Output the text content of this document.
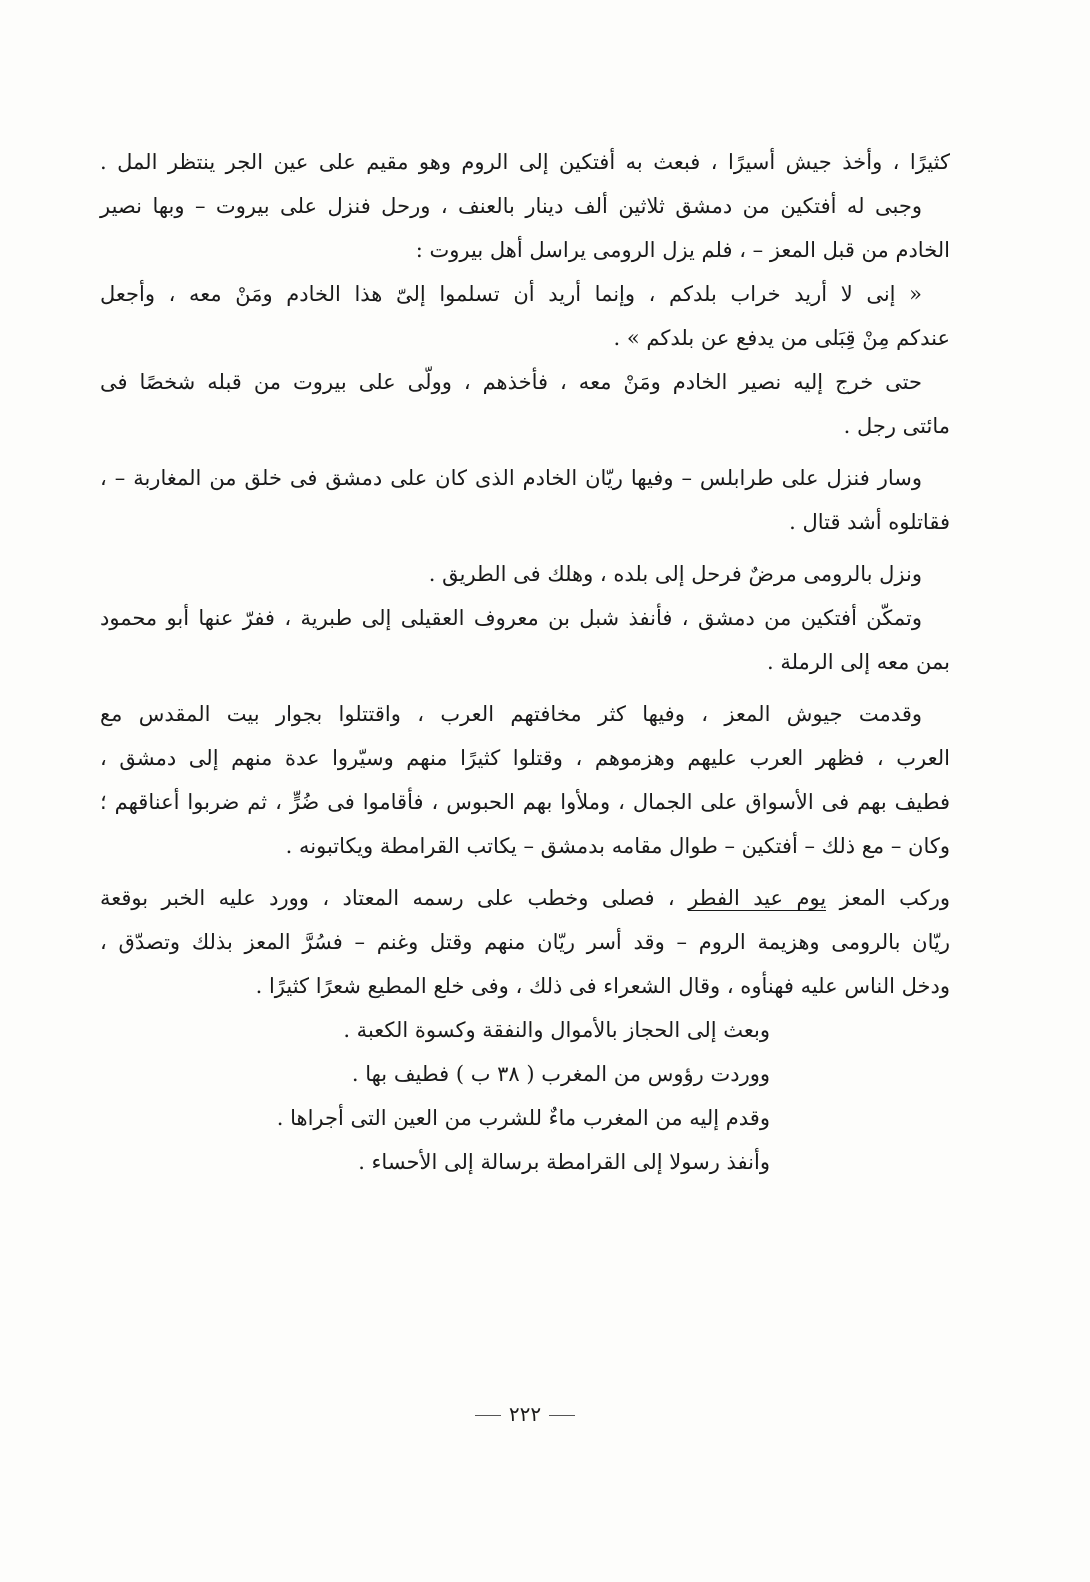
كثيرًا ، وأخذ جيش أسيرًا ، فبعث به أفتكين إلى الروم وهو مقيم على عين الجر ينتظر المل .
وجبى له أفتكين من دمشق ثلاثين ألف دينار بالعنف ، ورحل فنزل على بيروت – وبها نصير
الخادم من قبل المعز – ، فلم يزل الرومى يراسل أهل بيروت :
« إنى لا أريد خراب بلدكم ، وإنما أريد أن تسلموا إلىّ هذا الخادم ومَنْ معه ، وأجعل
عندكم مِنْ قِبَلى من يدفع عن بلدكم » .
حتى خرج إليه نصير الخادم ومَنْ معه ، فأخذهم ، وولّى على بيروت من قبله شخصًا فى
مائتى رجل .
وسار فنزل على طرابلس – وفيها ريّان الخادم الذى كان على دمشق فى خلق من المغاربة – ،
فقاتلوه أشد قتال .
ونزل بالرومى مرضٌ فرحل إلى بلده ، وهلك فى الطريق .
وتمكّن أفتكين من دمشق ، فأنفذ شبل بن معروف العقيلى إلى طبرية ، ففرّ عنها أبو محمود
بمن معه إلى الرملة .
وقدمت جيوش المعز ، وفيها كثر مخافتهم العرب ، واقتتلوا بجوار بيت المقدس مع
العرب ، فظهر العرب عليهم وهزموهم ، وقتلوا كثيرًا منهم وسيّروا عدة منهم إلى دمشق ،
فطيف بهم فى الأسواق على الجمال ، وملأوا بهم الحبوس ، فأقاموا فى ضُرٍّ ، ثم ضربوا أعناقهم ؛
وكان – مع ذلك – أفتكين – طوال مقامه بدمشق – يكاتب القرامطة ويكاتبونه .
وركب المعز يوم عيد الفطر ، فصلى وخطب على رسمه المعتاد ، وورد عليه الخبر بوقعة
ريّان بالرومى وهزيمة الروم – وقد أسر ريّان منهم وقتل وغنم – فسُرَّ المعز بذلك وتصدّق ،
ودخل الناس عليه فهنأوه ، وقال الشعراء فى ذلك ، وفى خلع المطيع شعرًا كثيرًا .
وبعث إلى الحجاز بالأموال والنفقة وكسوة الكعبة .
ووردت رؤوس من المغرب ( ٣٨ ب ) فطيف بها .
وقدم إليه من المغرب ماءٌ للشرب من العين التى أجراها .
وأنفذ رسولا إلى القرامطة برسالة إلى الأحساء .
٢٢٢
